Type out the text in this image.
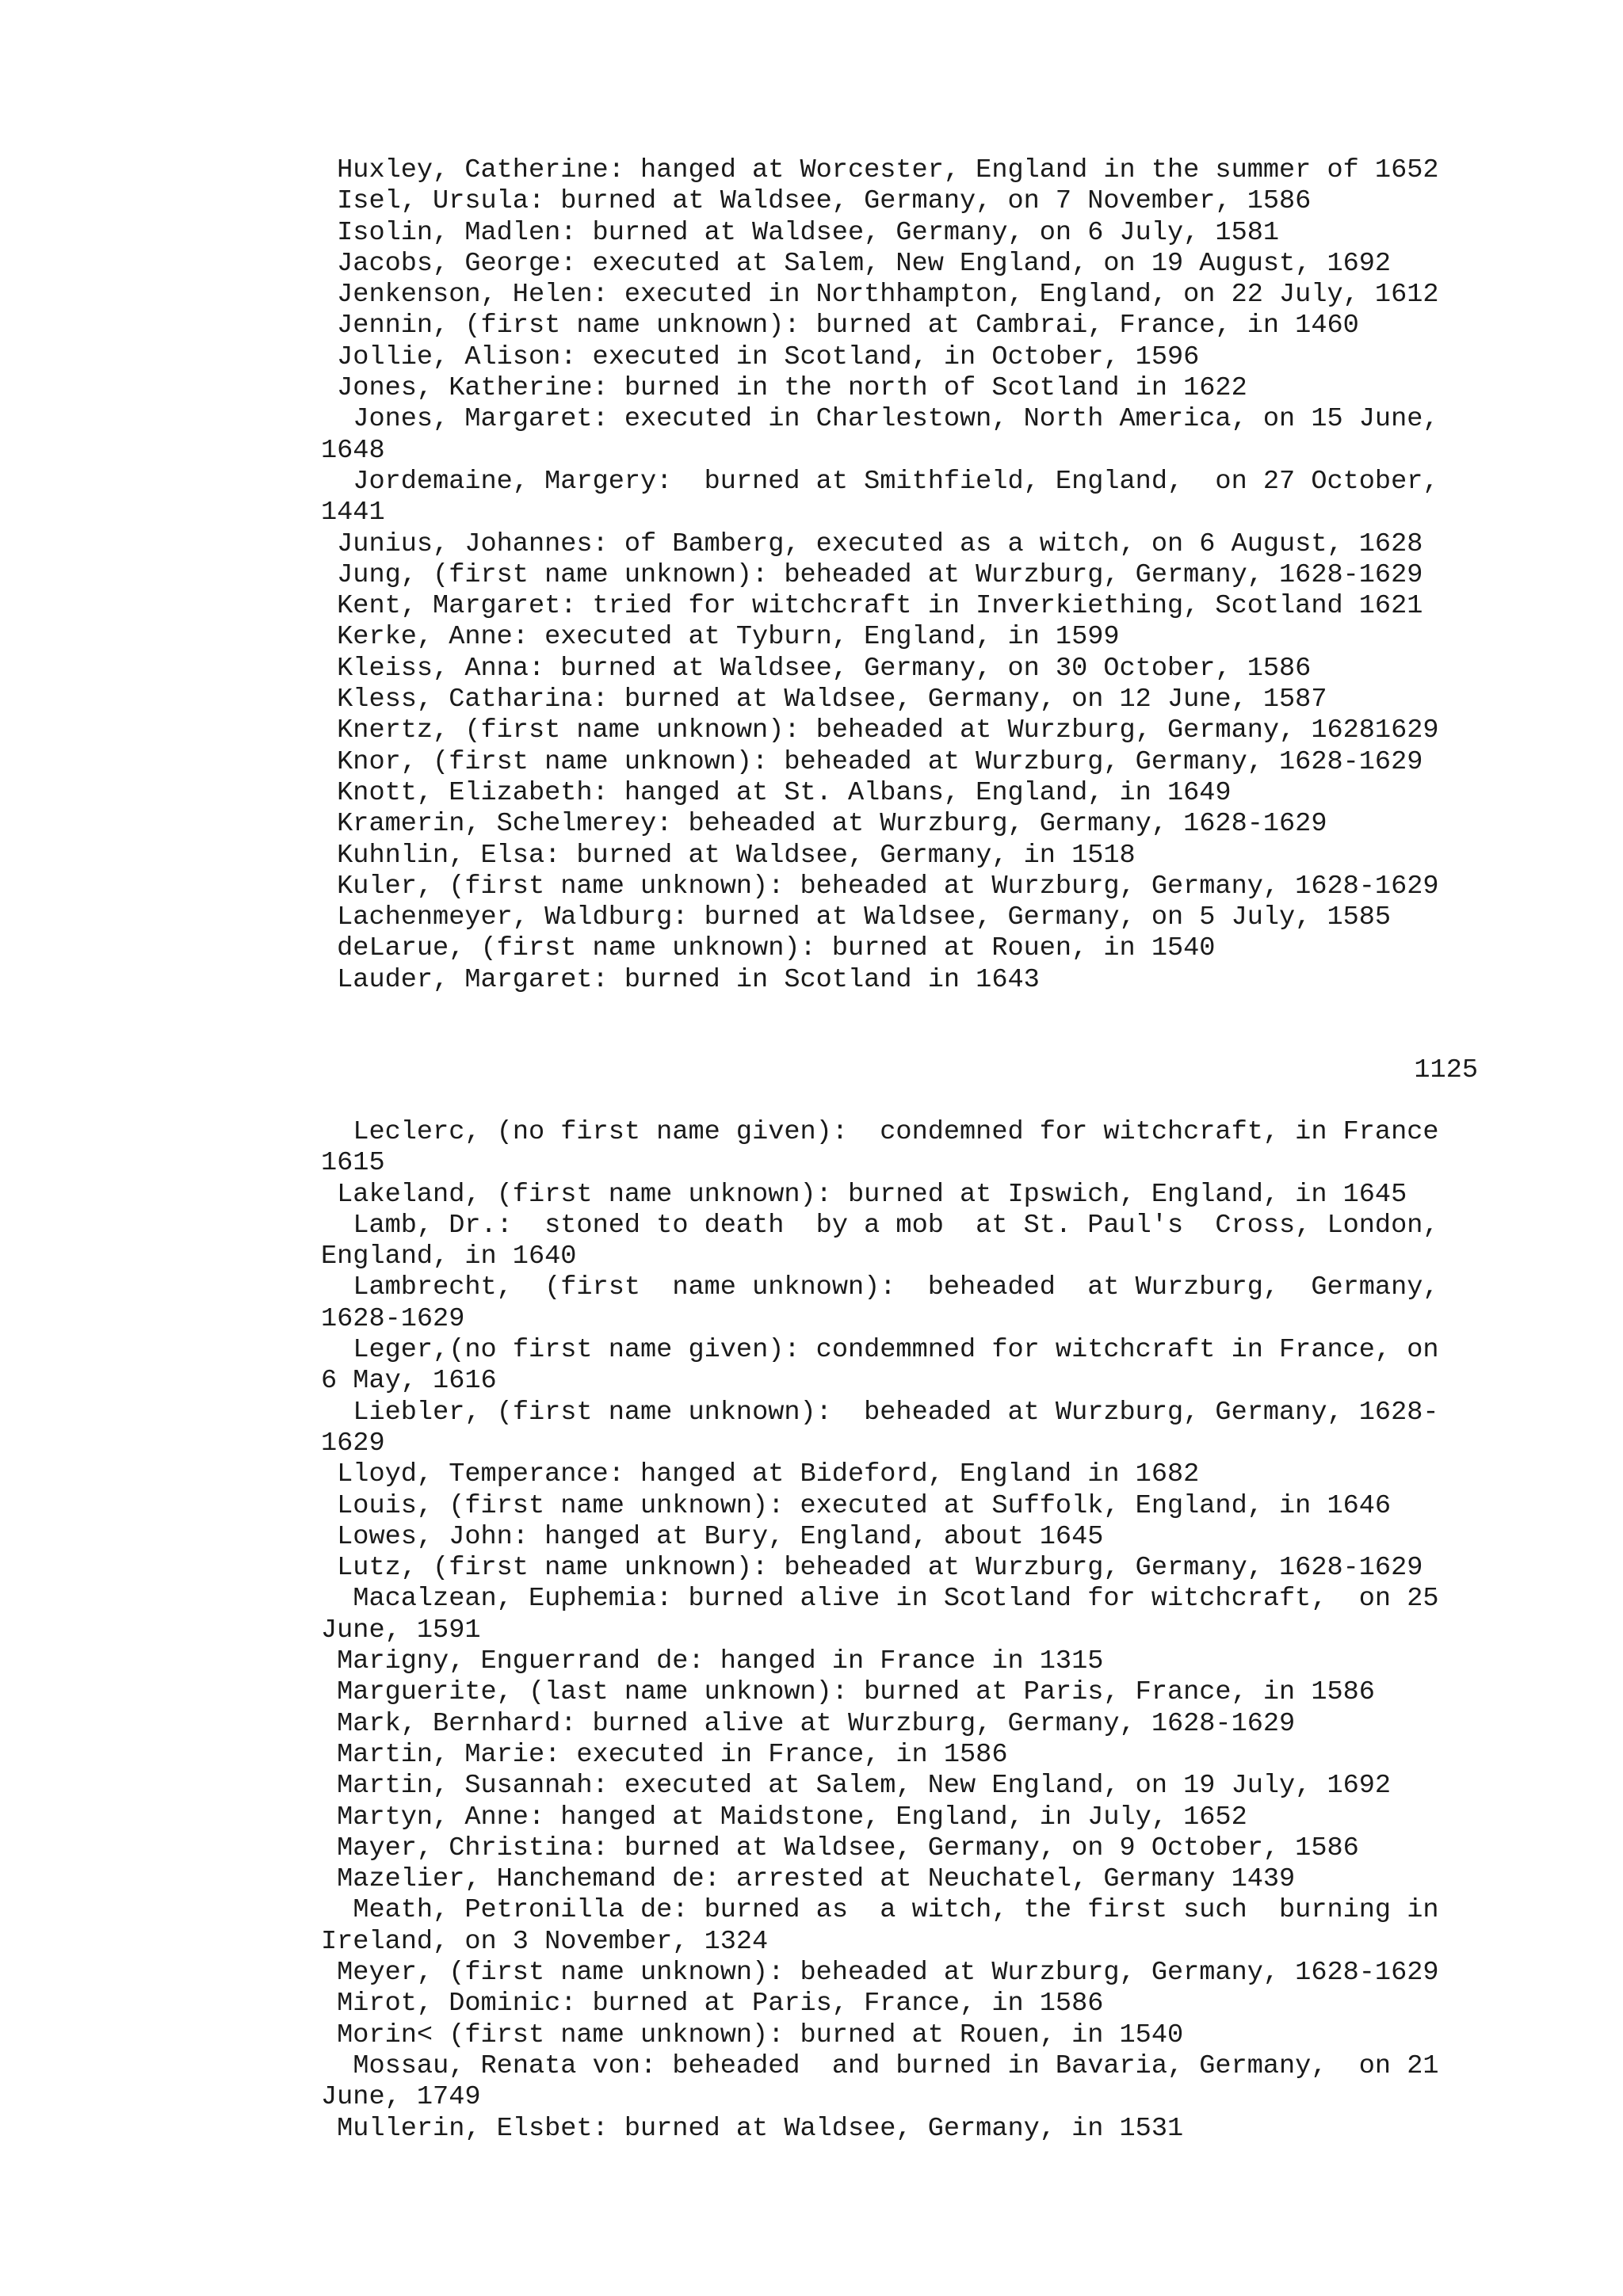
Huxley, Catherine: hanged at Worcester, England in the summer of 1652

Isel, Ursula: burned at Waldsee, Germany, on 7 November, 1586

Isolin, Madlen: burned at Waldsee, Germany, on 6 July, 1581

Jacobs, George: executed at Salem, New England, on 19 August, 1692

Jenkenson, Helen: executed in Northhampton, England, on 22 July, 1612

Jennin, (first name unknown): burned at Cambrai, France, in 1460

Jollie, Alison: executed in Scotland, in October, 1596

Jones, Katherine: burned in the north of Scotland in 1622

Jones, Margaret: executed in Charlestown, North America, on 15 June,
1648

Jordemaine, Margery:  burned at Smithfield, England,  on 27 October,
1441

Junius, Johannes: of Bamberg, executed as a witch, on 6 August, 1628

Jung, (first name unknown): beheaded at Wurzburg, Germany, 1628-1629

Kent, Margaret: tried for witchcraft in Inverkiething, Scotland 1621

Kerke, Anne: executed at Tyburn, England, in 1599

Kleiss, Anna: burned at Waldsee, Germany, on 30 October, 1586

Kless, Catharina: burned at Waldsee, Germany, on 12 June, 1587

Knertz, (first name unknown): beheaded at Wurzburg, Germany, 16281629

Knor, (first name unknown): beheaded at Wurzburg, Germany, 1628-1629

Knott, Elizabeth: hanged at St. Albans, England, in 1649

Kramerin, Schelmerey: beheaded at Wurzburg, Germany, 1628-1629

Kuhnlin, Elsa: burned at Waldsee, Germany, in 1518

Kuler, (first name unknown): beheaded at Wurzburg, Germany, 1628-1629

Lachenmeyer, Waldburg: burned at Waldsee, Germany, on 5 July, 1585

deLarue, (first name unknown): burned at Rouen, in 1540

Lauder, Margaret: burned in Scotland in 1643

1125

Leclerc, (no first name given):  condemned for witchcraft, in France
1615

Lakeland, (first name unknown): burned at Ipswich, England, in 1645

Lamb, Dr.:  stoned to death  by a mob  at St. Paul's  Cross, London,
England, in 1640

Lambrecht,  (first  name unknown):  beheaded  at Wurzburg,  Germany,
1628-1629

Leger,(no first name given): condemmned for witchcraft in France, on
6 May, 1616

Liebler, (first name unknown):  beheaded at Wurzburg, Germany, 1628-
1629

Lloyd, Temperance: hanged at Bideford, England in 1682

Louis, (first name unknown): executed at Suffolk, England, in 1646

Lowes, John: hanged at Bury, England, about 1645

Lutz, (first name unknown): beheaded at Wurzburg, Germany, 1628-1629

Macalzean, Euphemia: burned alive in Scotland for witchcraft,  on 25
June, 1591

Marigny, Enguerrand de: hanged in France in 1315

Marguerite, (last name unknown): burned at Paris, France, in 1586

Mark, Bernhard: burned alive at Wurzburg, Germany, 1628-1629

Martin, Marie: executed in France, in 1586

Martin, Susannah: executed at Salem, New England, on 19 July, 1692

Martyn, Anne: hanged at Maidstone, England, in July, 1652

Mayer, Christina: burned at Waldsee, Germany, on 9 October, 1586

Mazelier, Hanchemand de: arrested at Neuchatel, Germany 1439

Meath, Petronilla de: burned as  a witch, the first such  burning in
Ireland, on 3 November, 1324

Meyer, (first name unknown): beheaded at Wurzburg, Germany, 1628-1629

Mirot, Dominic: burned at Paris, France, in 1586

Morin< (first name unknown): burned at Rouen, in 1540

Mossau, Renata von: beheaded  and burned in Bavaria, Germany,  on 21
June, 1749

Mullerin, Elsbet: burned at Waldsee, Germany, in 1531
